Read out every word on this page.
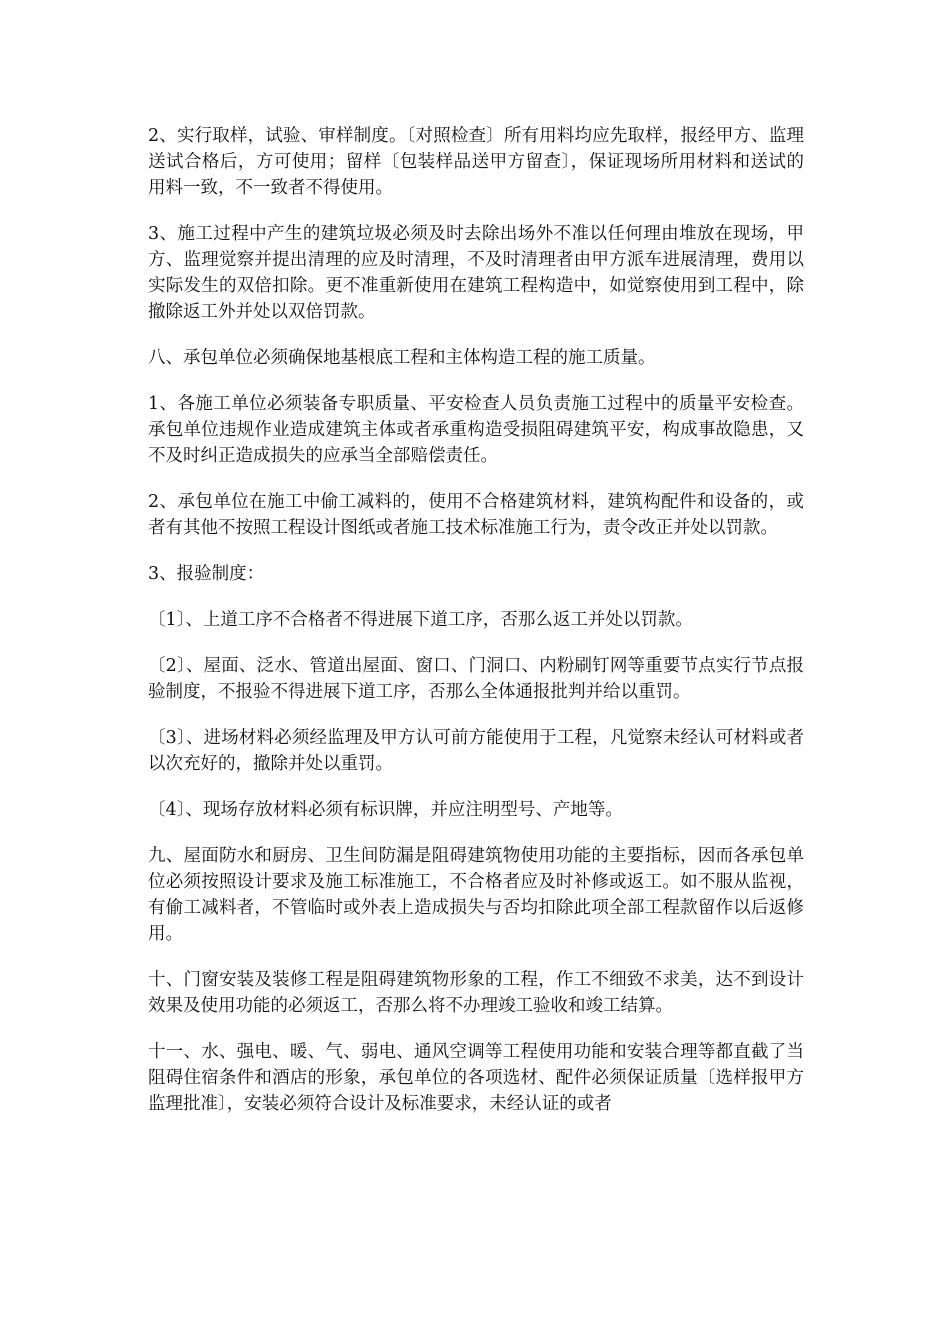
2、实行取样，试验、审样制度。〔对照检查〕所有用料均应先取样，报经甲方、监理送试合格后，方可使用；留样〔包装样品送甲方留查〕，保证现场所用材料和送试的用料一致，不一致者不得使用。

3、施工过程中产生的建筑垃圾必须及时去除出场外不准以任何理由堆放在现场，甲方、监理觉察并提出清理的应及时清理，不及时清理者由甲方派车进展清理，费用以实际发生的双倍扣除。更不准重新使用在建筑工程构造中，如觉察使用到工程中，除撤除返工外并处以双倍罚款。

八、承包单位必须确保地基根底工程和主体构造工程的施工质量。

1、各施工单位必须装备专职质量、平安检查人员负责施工过程中的质量平安检查。承包单位违规作业造成建筑主体或者承重构造受损阻碍建筑平安，构成事故隐患，又不及时纠正造成损失的应承当全部赔偿责任。

2、承包单位在施工中偷工减料的，使用不合格建筑材料，建筑构配件和设备的，或者有其他不按照工程设计图纸或者施工技术标准施工行为，责令改正并处以罚款。

3、报验制度：

〔1〕、上道工序不合格者不得进展下道工序，否那么返工并处以罚款。

〔2〕、屋面、泛水、管道出屋面、窗口、门洞口、内粉刷钉网等重要节点实行节点报验制度，不报验不得进展下道工序，否那么全体通报批判并给以重罚。

〔3〕、进场材料必须经监理及甲方认可前方能使用于工程，凡觉察未经认可材料或者以次充好的，撤除并处以重罚。

〔4〕、现场存放材料必须有标识牌，并应注明型号、产地等。

九、屋面防水和厨房、卫生间防漏是阻碍建筑物使用功能的主要指标，因而各承包单位必须按照设计要求及施工标准施工，不合格者应及时补修或返工。如不服从监视，有偷工减料者，不管临时或外表上造成损失与否均扣除此项全部工程款留作以后返修用。

十、门窗安装及装修工程是阻碍建筑物形象的工程，作工不细致不求美，达不到设计效果及使用功能的必须返工，否那么将不办理竣工验收和竣工结算。

十一、水、强电、暖、气、弱电、通风空调等工程使用功能和安装合理等都直截了当阻碍住宿条件和酒店的形象，承包单位的各项选材、配件必须保证质量〔选样报甲方监理批准〕，安装必须符合设计及标准要求，未经认证的或者
